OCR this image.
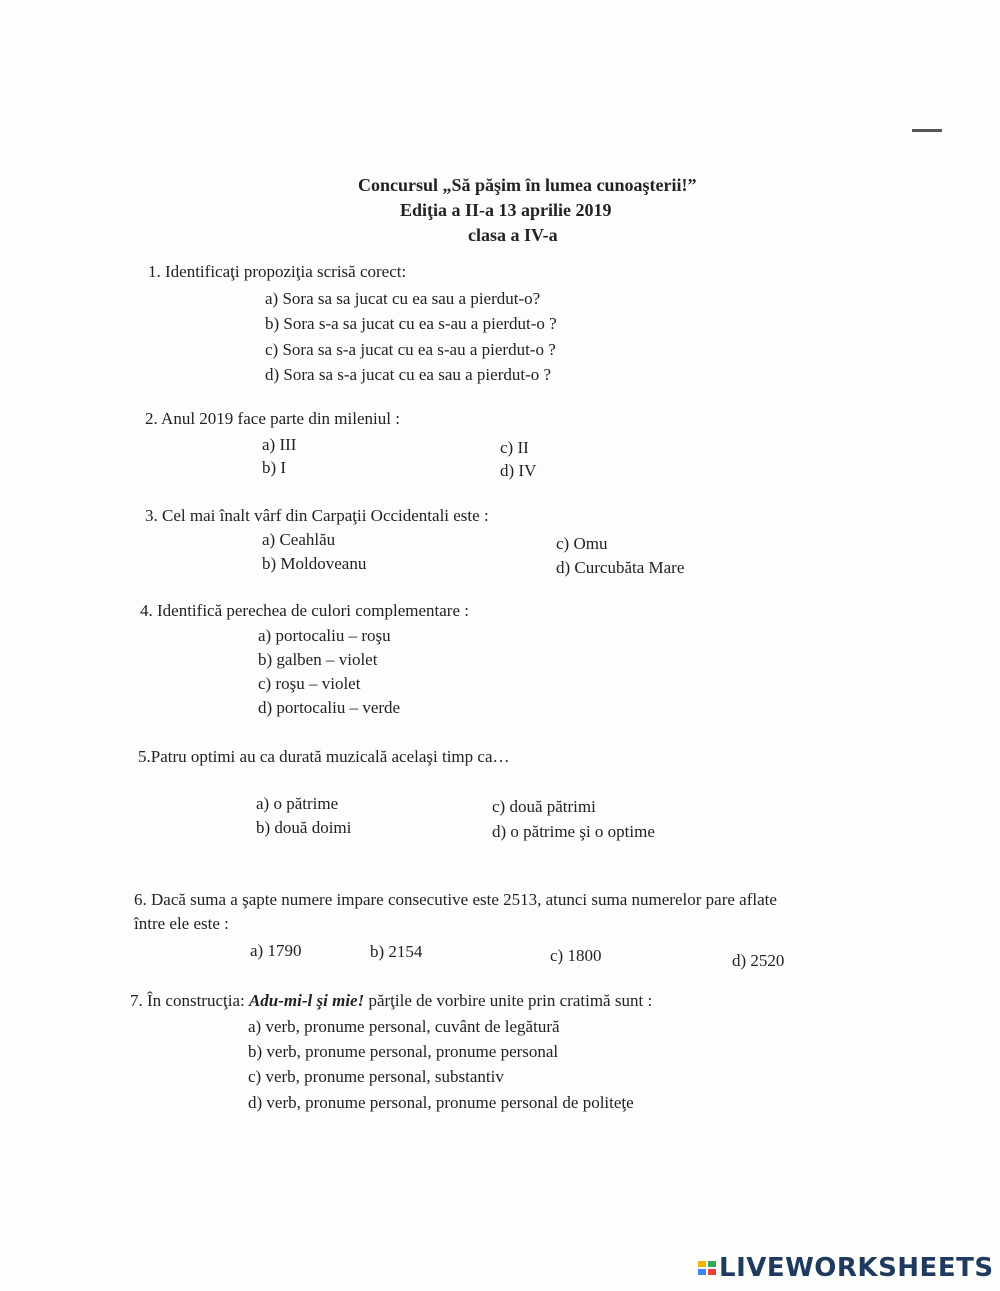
Concursul „Să păşim în lumea cunoaşterii!”
Ediţia a II-a 13 aprilie 2019
clasa a IV-a
1. Identificaţi propoziţia scrisă corect:
a) Sora sa sa jucat cu ea sau a pierdut-o?
b) Sora s-a sa jucat cu ea s-au a pierdut-o ?
c) Sora sa s-a jucat cu ea s-au a pierdut-o ?
d) Sora sa s-a jucat cu ea sau a pierdut-o ?
2. Anul 2019 face parte din mileniul :
a) III	c) II
b) I	d) IV
3. Cel mai înalt vârf din Carpaţii Occidentali este :
a) Ceahlău	c) Omu
b) Moldoveanu	d) Curcubăta Mare
4. Identifică perechea de culori complementare :
a) portocaliu – roşu
b) galben – violet
c) roşu – violet
d) portocaliu – verde
5.Patru optimi au ca durată muzicală acelaşi timp ca…
a) o pătrime	c) două pătrimi
b) două doimi	d) o pătrime şi o optime
6. Dacă suma a şapte numere impare consecutive este 2513, atunci suma numerelor pare aflate
între ele este :
a) 1790	b) 2154	c) 1800	d) 2520
7. În construcţia: Adu-mi-l şi mie! părţile de vorbire unite prin cratimă sunt :
a) verb, pronume personal, cuvânt de legătură
b) verb, pronume personal, pronume personal
c) verb, pronume personal, substantiv
d) verb, pronume personal, pronume personal de politeţe
LIVEWORKSHEETS
